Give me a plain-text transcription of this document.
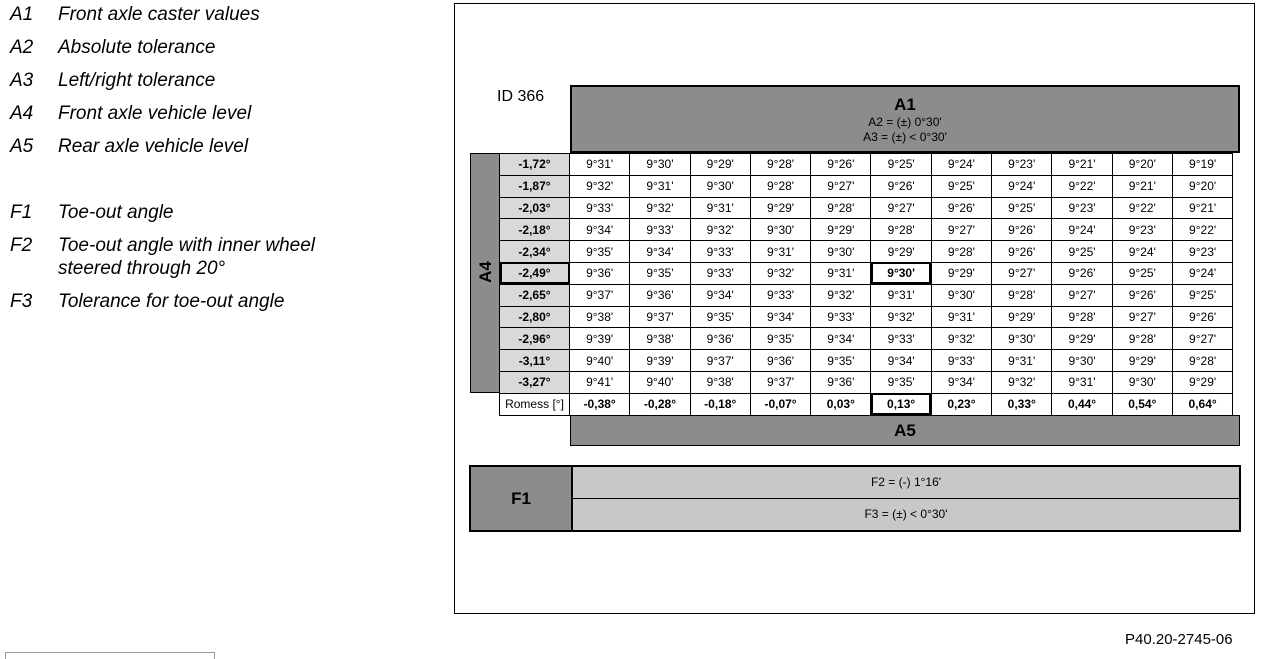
A1	Front axle caster values
A2	Absolute tolerance
A3	Left/right tolerance
A4	Front axle vehicle level
A5	Rear axle vehicle level
F1	Toe-out angle
F2	Toe-out angle with inner wheel steered through 20°
F3	Tolerance for toe-out angle
ID 366	A1
A2 = (±) 0°30'
A3 = (±) < 0°30'
A4
-1,72°	9°31'	9°30'	9°29'	9°28'	9°26'	9°25'	9°24'	9°23'	9°21'	9°20'	9°19'
-1,87°	9°32'	9°31'	9°30'	9°28'	9°27'	9°26'	9°25'	9°24'	9°22'	9°21'	9°20'
-2,03°	9°33'	9°32'	9°31'	9°29'	9°28'	9°27'	9°26'	9°25'	9°23'	9°22'	9°21'
-2,18°	9°34'	9°33'	9°32'	9°30'	9°29'	9°28'	9°27'	9°26'	9°24'	9°23'	9°22'
-2,34°	9°35'	9°34'	9°33'	9°31'	9°30'	9°29'	9°28'	9°26'	9°25'	9°24'	9°23'
-2,49°	9°36'	9°35'	9°33'	9°32'	9°31'	9°30'	9°29'	9°27'	9°26'	9°25'	9°24'
-2,65°	9°37'	9°36'	9°34'	9°33'	9°32'	9°31'	9°30'	9°28'	9°27'	9°26'	9°25'
-2,80°	9°38'	9°37'	9°35'	9°34'	9°33'	9°32'	9°31'	9°29'	9°28'	9°27'	9°26'
-2,96°	9°39'	9°38'	9°36'	9°35'	9°34'	9°33'	9°32'	9°30'	9°29'	9°28'	9°27'
-3,11°	9°40'	9°39'	9°37'	9°36'	9°35'	9°34'	9°33'	9°31'	9°30'	9°29'	9°28'
-3,27°	9°41'	9°40'	9°38'	9°37'	9°36'	9°35'	9°34'	9°32'	9°31'	9°30'	9°29'
Romess [°]	-0,38°	-0,28°	-0,18°	-0,07°	0,03°	0,13°	0,23°	0,33°	0,44°	0,54°	0,64°
A5
F1
F2 = (-) 1°16'
F3 = (±) < 0°30'
P40.20-2745-06
